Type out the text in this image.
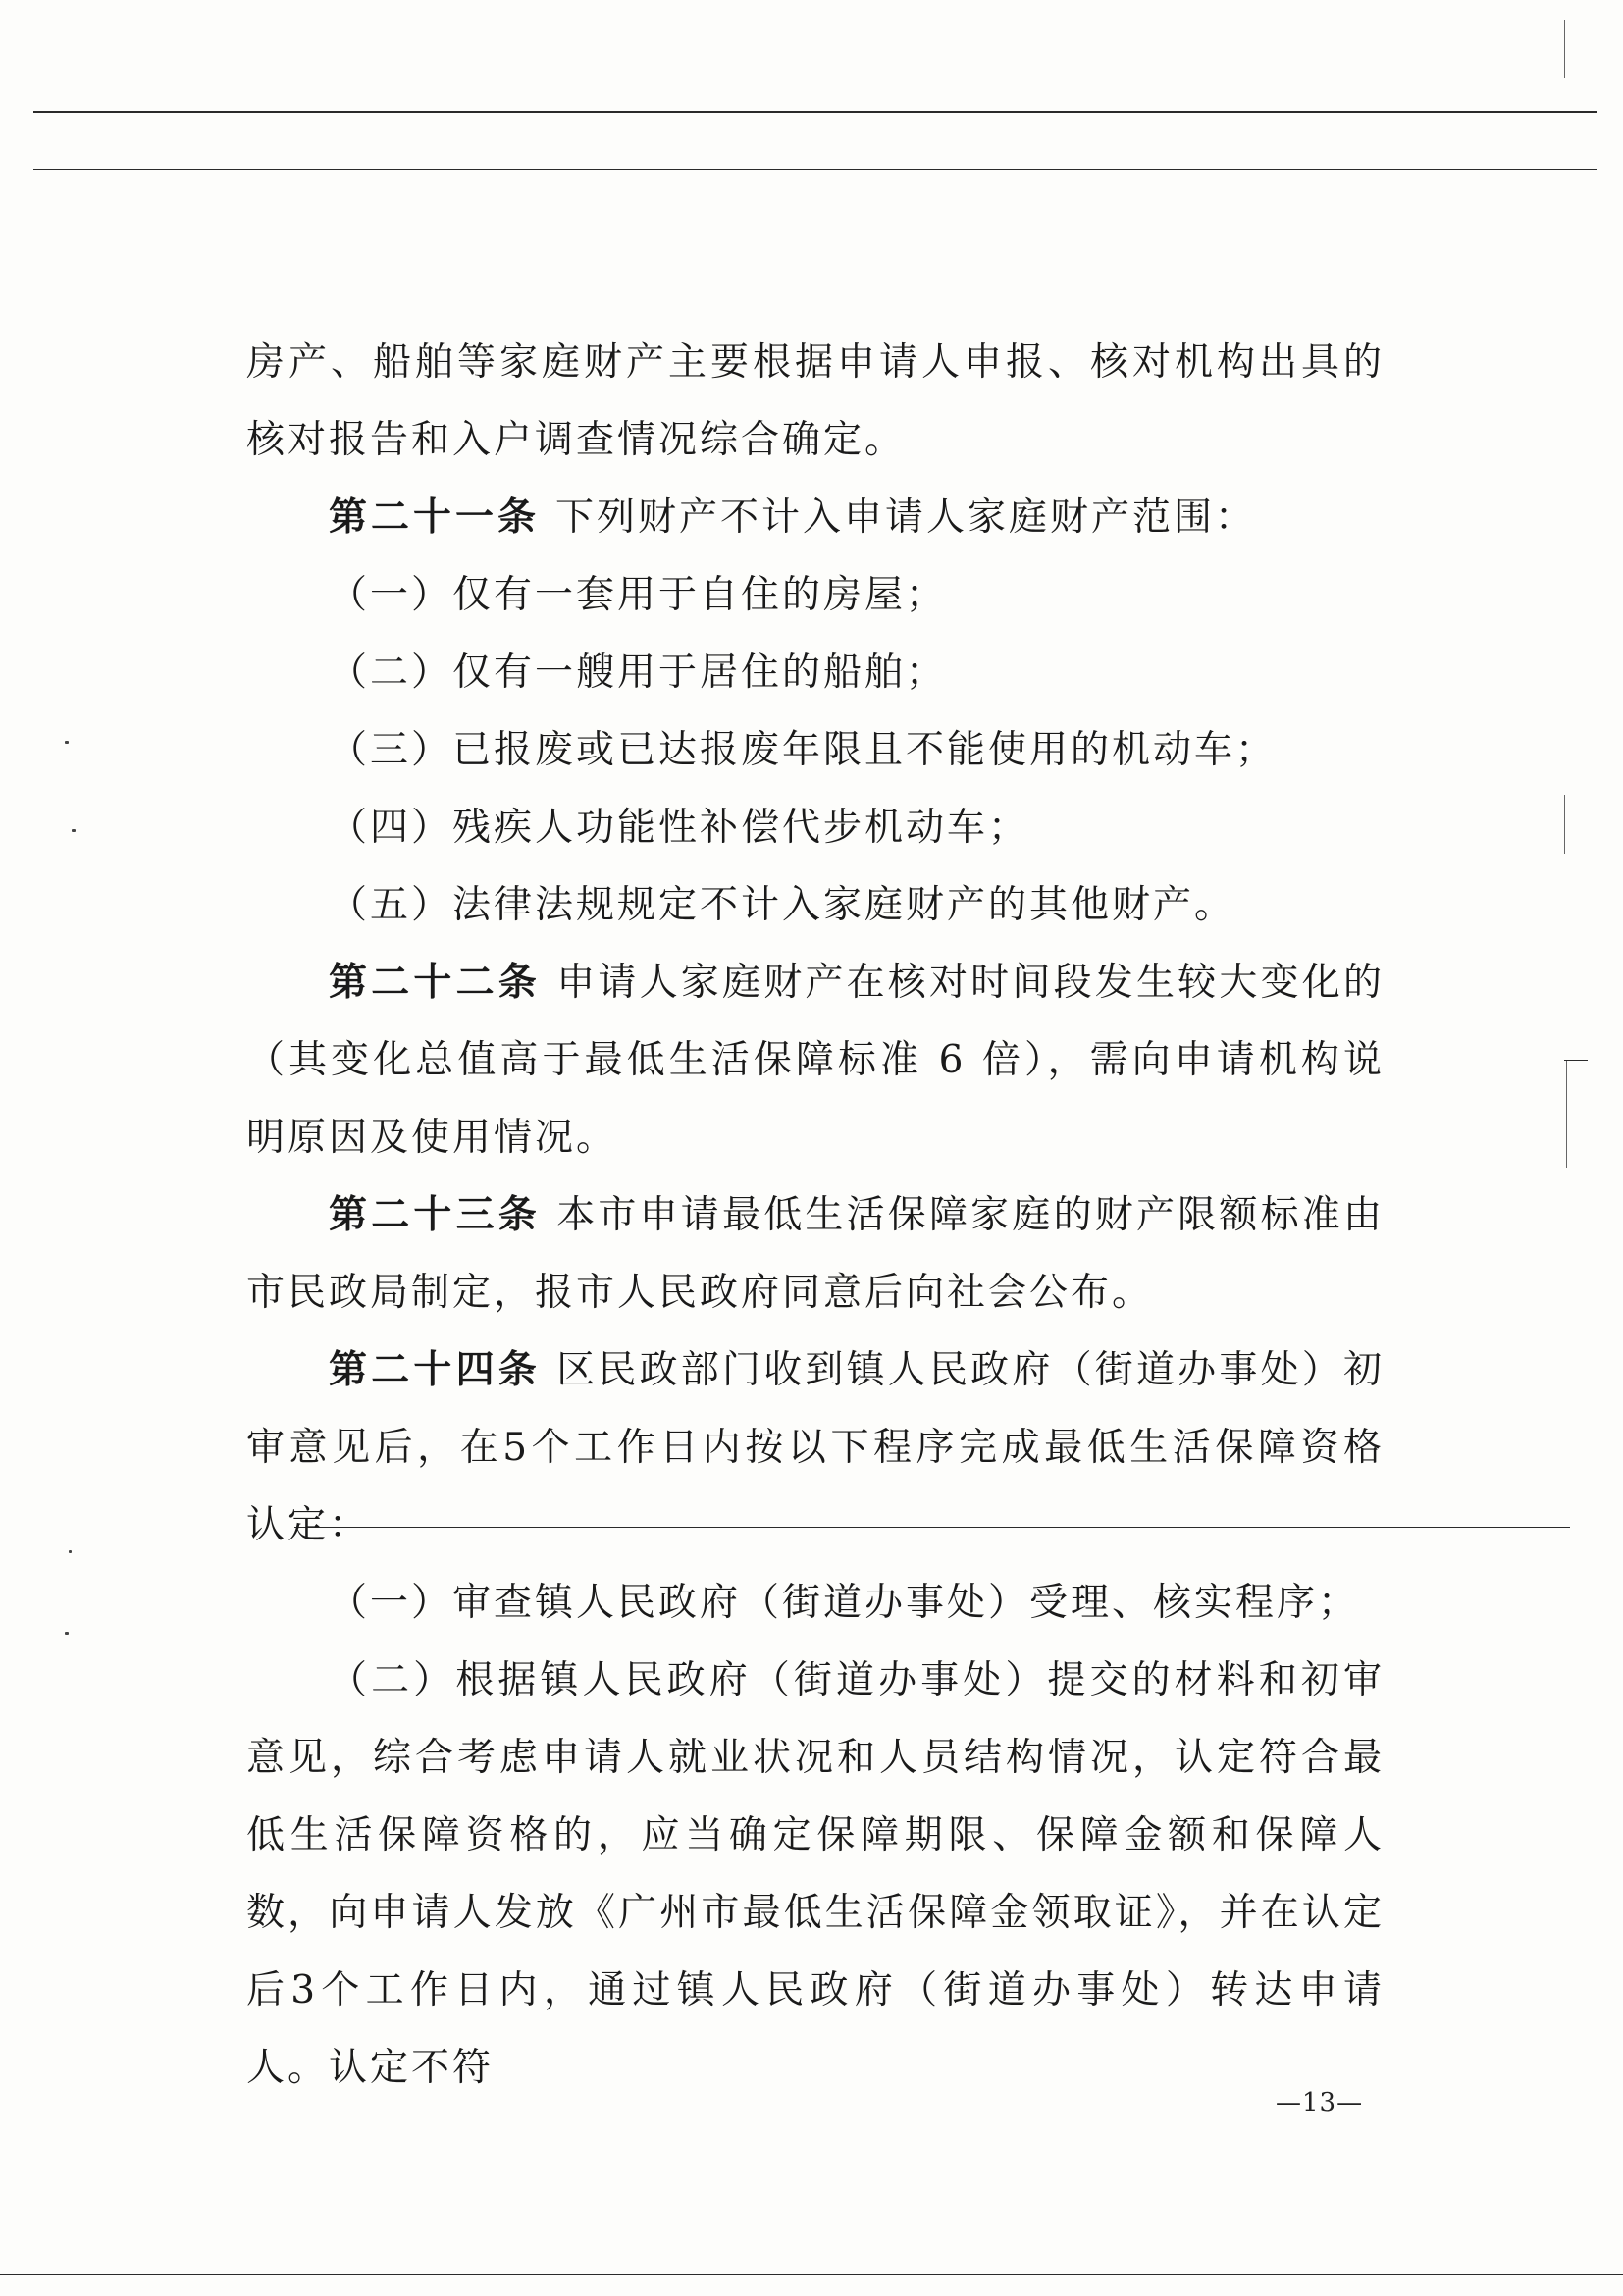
房产、船舶等家庭财产主要根据申请人申报、核对机构出具的核对报告和入户调查情况综合确定。

第二十一条 下列财产不计入申请人家庭财产范围：

（一）仅有一套用于自住的房屋；

（二）仅有一艘用于居住的船舶；

（三）已报废或已达报废年限且不能使用的机动车；

（四）残疾人功能性补偿代步机动车；

（五）法律法规规定不计入家庭财产的其他财产。

第二十二条 申请人家庭财产在核对时间段发生较大变化的（其变化总值高于最低生活保障标准 6 倍），需向申请机构说明原因及使用情况。

第二十三条 本市申请最低生活保障家庭的财产限额标准由市民政局制定，报市人民政府同意后向社会公布。

第二十四条 区民政部门收到镇人民政府（街道办事处）初审意见后，在5个工作日内按以下程序完成最低生活保障资格认定：

（一）审查镇人民政府（街道办事处）受理、核实程序；

（二）根据镇人民政府（街道办事处）提交的材料和初审意见，综合考虑申请人就业状况和人员结构情况，认定符合最低生活保障资格的，应当确定保障期限、保障金额和保障人数，向申请人发放《广州市最低生活保障金领取证》，并在认定后3个工作日内，通过镇人民政府（街道办事处）转达申请人。认定不符

—13—
